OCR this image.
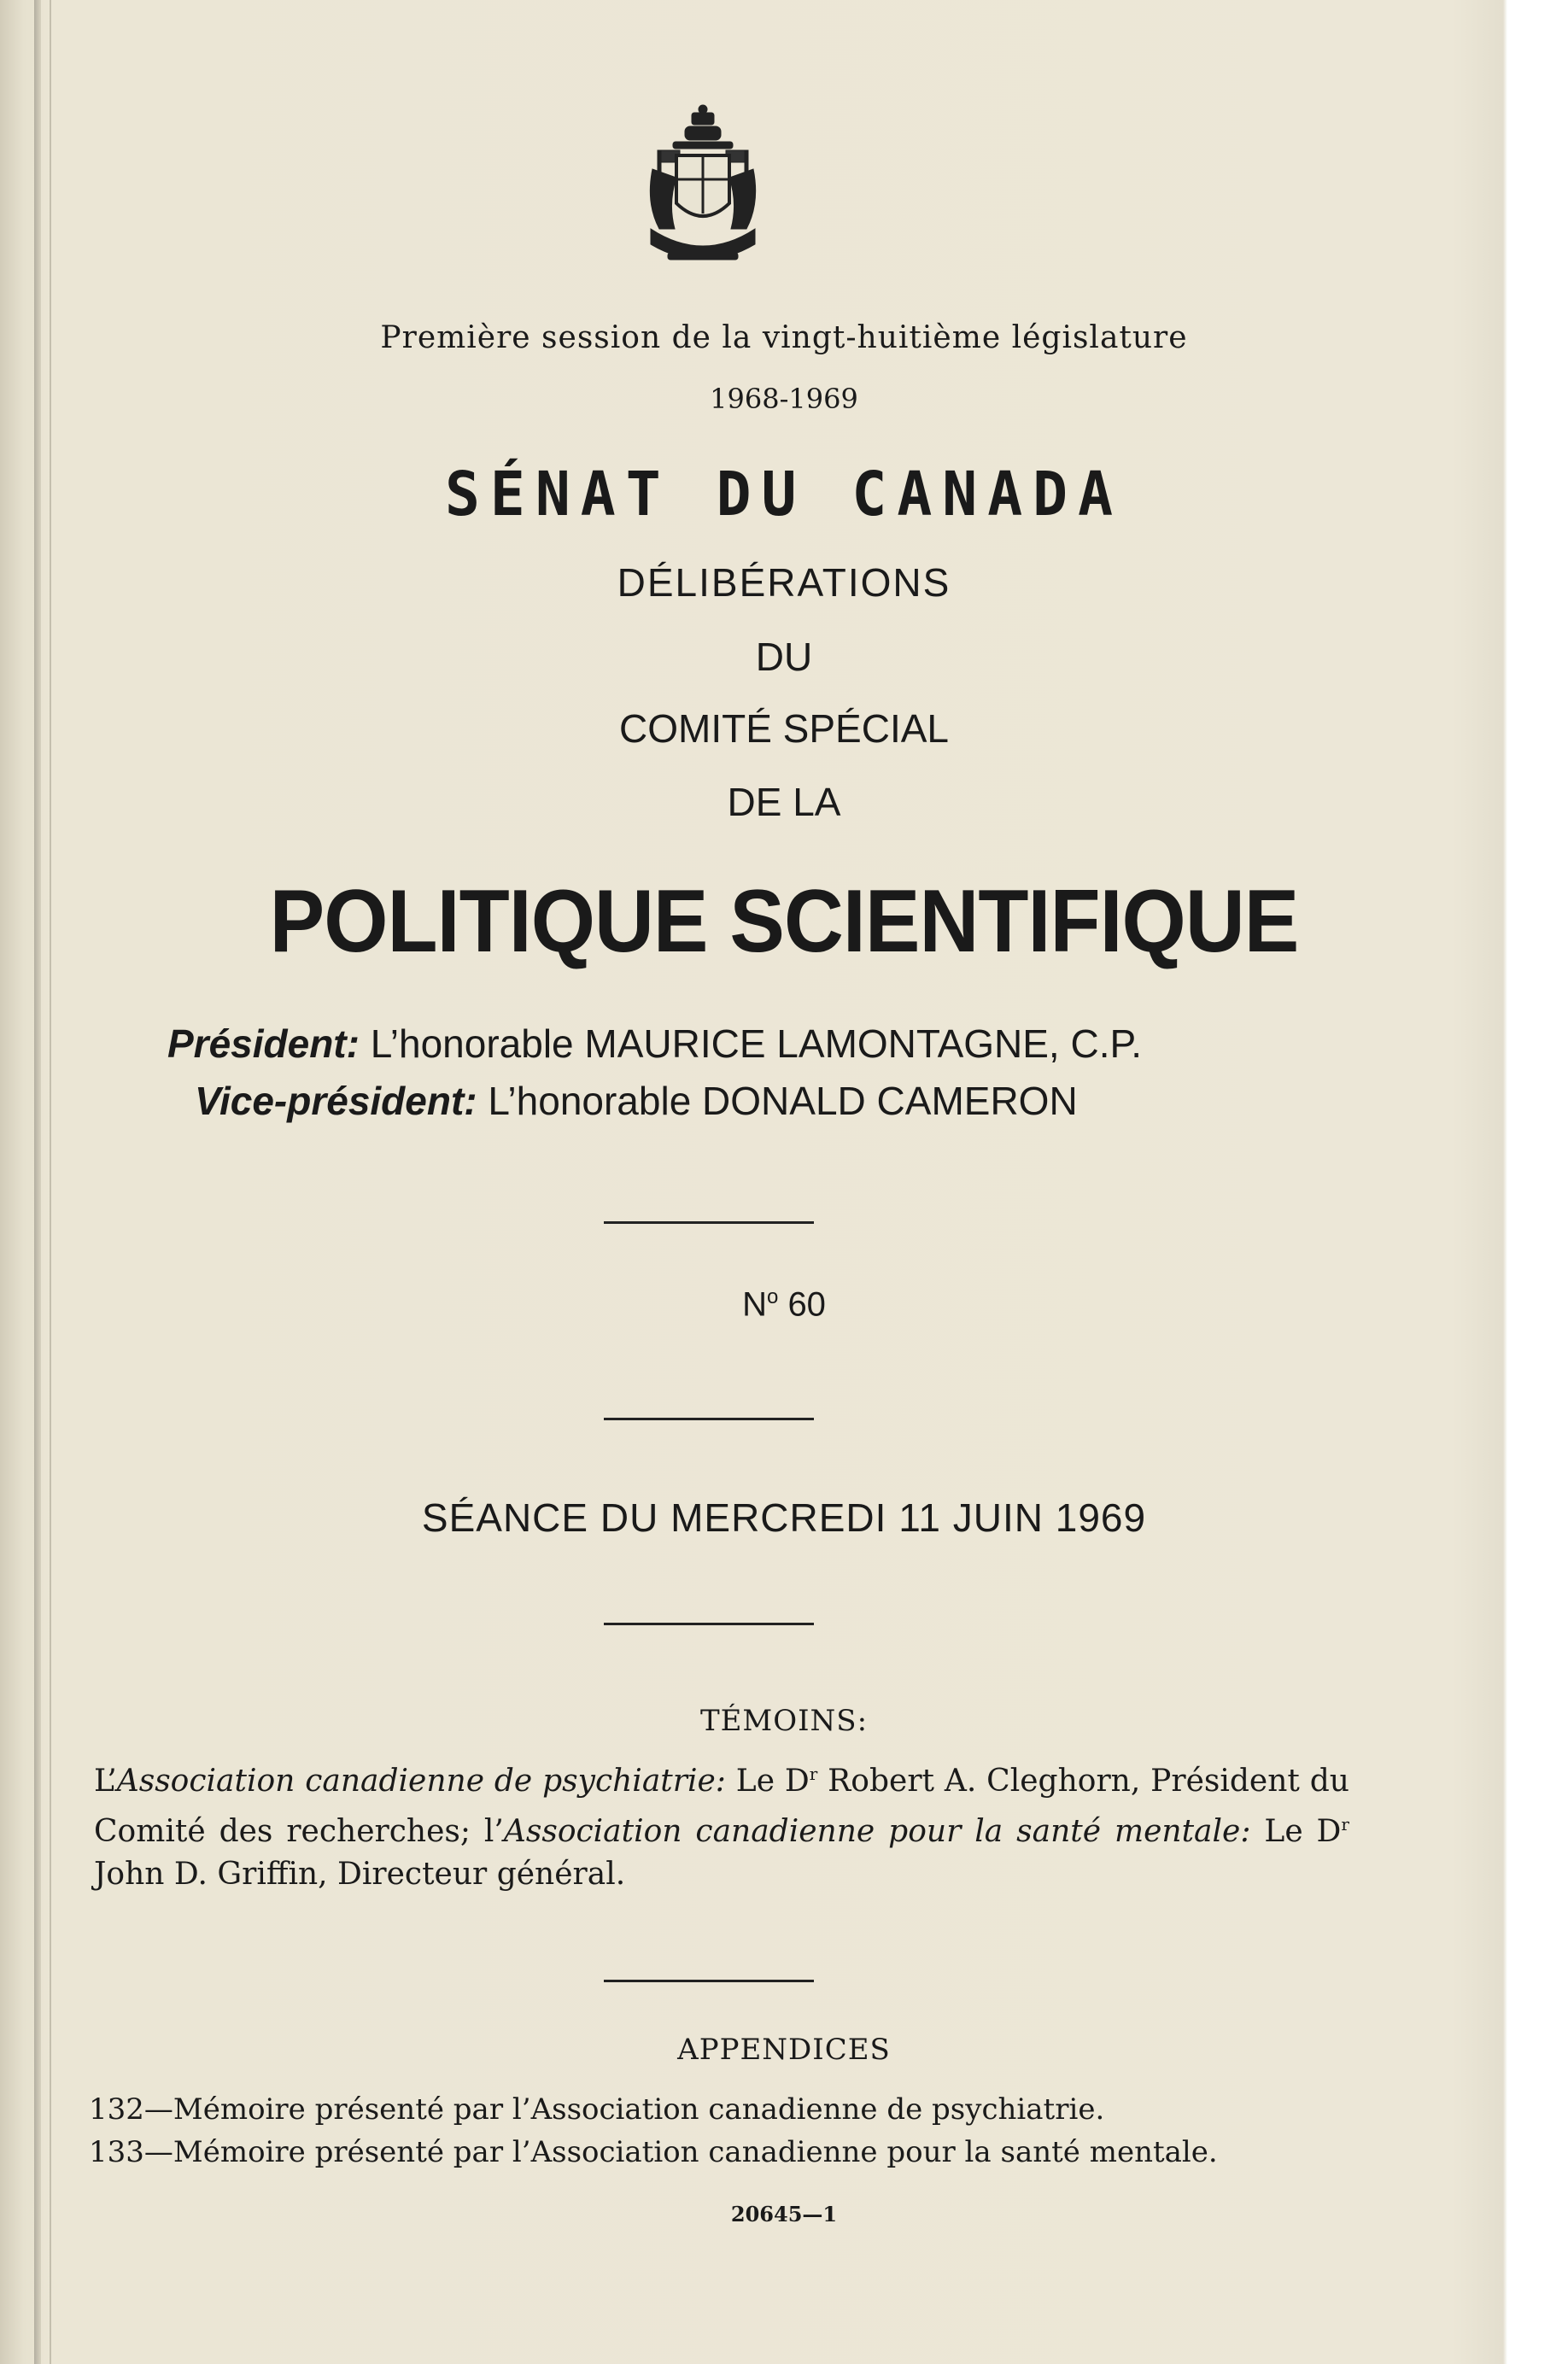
Première session de la vingt-huitième législature
1968-1969
SÉNAT DU CANADA
DÉLIBÉRATIONS
DU
COMITÉ SPÉCIAL
DE LA
POLITIQUE SCIENTIFIQUE
Président: L’honorable MAURICE LAMONTAGNE, C.P.
Vice-président: L’honorable DONALD CAMERON
$N^o$ 60
SÉANCE DU MERCREDI 11 JUIN 1969
TÉMOINS:
L’Association canadienne de psychiatrie: Le $D^r$ Robert A. Cleghorn, Président du Comité des recherches; l’Association canadienne pour la santé mentale: Le $D^r$ John D. Griffin, Directeur général.
APPENDICES
132—Mémoire présenté par l’Association canadienne de psychiatrie.
133—Mémoire présenté par l’Association canadienne pour la santé mentale.
20645—1
